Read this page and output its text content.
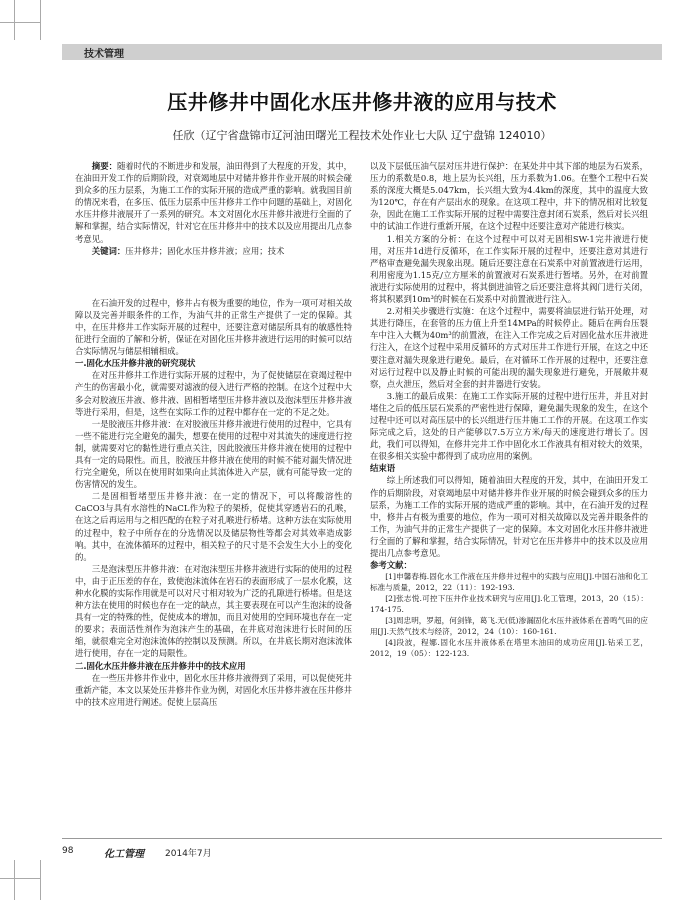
技术管理
压井修井中固化水压井修井液的应用与技术
任欣（辽宁省盘锦市辽河油田曙光工程技术处作业七大队 辽宁盘锦 124010）

摘要：随着时代的不断进步和发展，油田得到了大程度的开发，其中，在油田开发工作的后期阶段，对衰竭地层中对储井修井作业开展的时候会碰到众多的压力层系，为施工工作的实际开展的造成严重的影响。就我国目前的情况来看，在多压、低压力层系中压井修井工作中问题的基础上，对固化水压井修井液展开了一系列的研究。本文对固化水压井修井液进行全面的了解和掌握，结合实际情况，针对它在压井修井中的技术以及应用提出几点参考意见。

关键词：压井修井；固化水压井修井液；应用；技术

在石油开发的过程中，修井占有极为重要的地位，作为一项可对相关故障以及完善并眼条件的工作，为油气井的正常生产提供了一定的保障。其中，在压井修井工作实际开展的过程中，还要注意对储层所具有的敏感性特征进行全面的了解和分析，保证在对固化压井修井液进行运用的时候可以结合实际情况与储层相辅相成。

一.固化水压井修井液的研究现状

在对压井修井工作进行实际开展的过程中，为了促使储层在衰竭过程中产生的伤害最小化，就需要对滤液的侵入进行严格的控制。在这个过程中大多会对胶液压井液、修井液、固相暂堵型压井修井液以及泡沫型压井修井液等进行采用，但是，这些在实际工作的过程中都存在一定的不足之处。

一是胶液压井修井液：在对胶液压井修井液进行使用的过程中，它具有一些不能进行完全避免的漏失，想要在使用的过程中对其流失的速度进行控制，就需要对它的黏性进行重点关注，因此胶液压井修井液在使用的过程中具有一定的局限性。而且，胶液压井修井液在使用的时候不能对漏失情况进行完全避免，所以在使用时如果向止其流体进入产层，就有可能导致一定的伤害情况的发生。

二是固相暂堵型压井修井液：在一定的情况下，可以将酸溶性的CaCO3与具有水溶性的NaCL作为粒子的架桥，促使其穿透岩石的孔喉，在这之后再运用与之相匹配的在粒子对孔喉进行桥堵。这种方法在实际使用的过程中，粒子中所存在的分选情况以及储层物性等都会对其效率造成影响。其中，在流体循环的过程中，相关粒子的尺寸是不会发生大小上的变化的。

三是泡沫型压井修井液：在对泡沫型压井修井液进行实际的使用的过程中，由于正压差的存在，致使泡沫流体在岩石的表面形成了一层水化膜，这种水化膜的实际作用就是可以对尺寸相对较为广泛的孔隙进行桥堵。但是这种方法在使用的时候也存在一定的缺点，其主要表现在可以产生泡沫的设备具有一定的特殊的性，促使成本的增加，而且对使用的空间环境也存在一定的要求；表面活性剂作为泡沫产生的基础，在井底对泡沫进行长时间的压缩，就很难完全对泡沫流体的控制以及预测。所以，在井底长期对泡沫流体进行使用，存在一定的局限性。

二.固化水压井修井液在压井修井中的技术应用

在一些压井修井作业中，固化水压井修井液得到了采用，可以促使死井重新产能，本文以某处压井修井作业为例，对固化水压井修井液在压井修井中的技术应用进行阐述。促使上层高压

以及下层低压油气层对压井进行保护：在某处井中其下部的地层为石炭系，压力的系数是0.8，地上层为长兴组，压力系数为1.06。在整个工程中石炭系的深度大概是5.047km，长兴组大致为4.4km的深度，其中的温度大致为120℃，存在有产层出水的现象。在这项工程中，井下的情况相对比较复杂，因此在施工工作实际开展的过程中需要注意封闭石炭系，然后对长兴组中的试油工作进行重新开展，在这个过程中还要注意对产能进行核实。

1.相关方案的分析：在这个过程中可以对无固相SW-1完井液进行使用，对压井1d进行反循环，在工作实际开展的过程中，还要注意对其进行严格审查避免漏失现象出现。随后还要注意在石炭系中对前置液进行运用，利用密度为1.15克/立方厘米的前置液对石炭系进行暂堵。另外，在对前置液进行实际使用的过程中，将其倒进油管之后还要注意将其阀门进行关闭，将其积累到10m³的时候在石炭系中对前置液进行注入。

2.对相关步骤进行实施：在这个过程中，需要将油层进行钻开处理，对其进行降压，在套管的压力值上升至14MPa的时候停止。随后在两台压裂车中注入大概为40m³的前置液，在注入工作完成之后对固化盐水压井液进行注入，在这个过程中采用反循环的方式对压井工作进行开展，在这之中还要注意对漏失现象进行避免。最后，在对循环工作开展的过程中，还要注意对运行过程中以及静止时候的可能出现的漏失现象进行避免，开展敞井观察，点火泄压，然后对全套的封井器进行安装。

3.施工的最后成果：在施工工作实际开展的过程中进行压井，并且对封堵住之后的低压层石炭系的严密性进行保障，避免漏失现象的发生，在这个过程中还可以对高压层中的长兴组进行压井施工工作的开展。在这项工作实际完成之后，这处的日产能够以7.5万立方米/每天的速度进行增长了。因此，我们可以得知，在修井完井工作中固化水工作液具有相对较大的效果，在很多相关实验中都得到了成功应用的案例。

结束语

综上所述我们可以得知，随着油田大程度的开发，其中，在油田开发工作的后期阶段，对衰竭地层中对储井修井作业开展的时候会碰到众多的压力层系，为施工工作的实际开展的造成严重的影响。其中，在石油开发的过程中，修井占有极为重要的地位，作为一项可对相关故障以及完善并眼条件的工作，为油气井的正常生产提供了一定的保障。本文对固化水压井修井液进行全面的了解和掌握，结合实际情况，针对它在压井修井中的技术以及应用提出几点参考意见。

参考文献：

[1]申馨春梅.固化水工作液在压井修井过程中的实践与应用[J].中国石油和化工标准与质量，2012，22（11）：192-193.

[2]张志悦.可控下压井作业技术研究与应用[J].化工管理，2013，20（15）：174-175.

[3]周忠明，罗超，何剑锋，葛飞.无(低)渗漏固化水压井液体系在普鸣气田的应用[J].天然气技术与经济，2012，24（10）：160-161.

[4]段波，程娜.固化水压井液体系在塔里木油田的成功应用[J].钻采工艺，2012，19（05）：122-123.

98	化工管理 2014年7月
